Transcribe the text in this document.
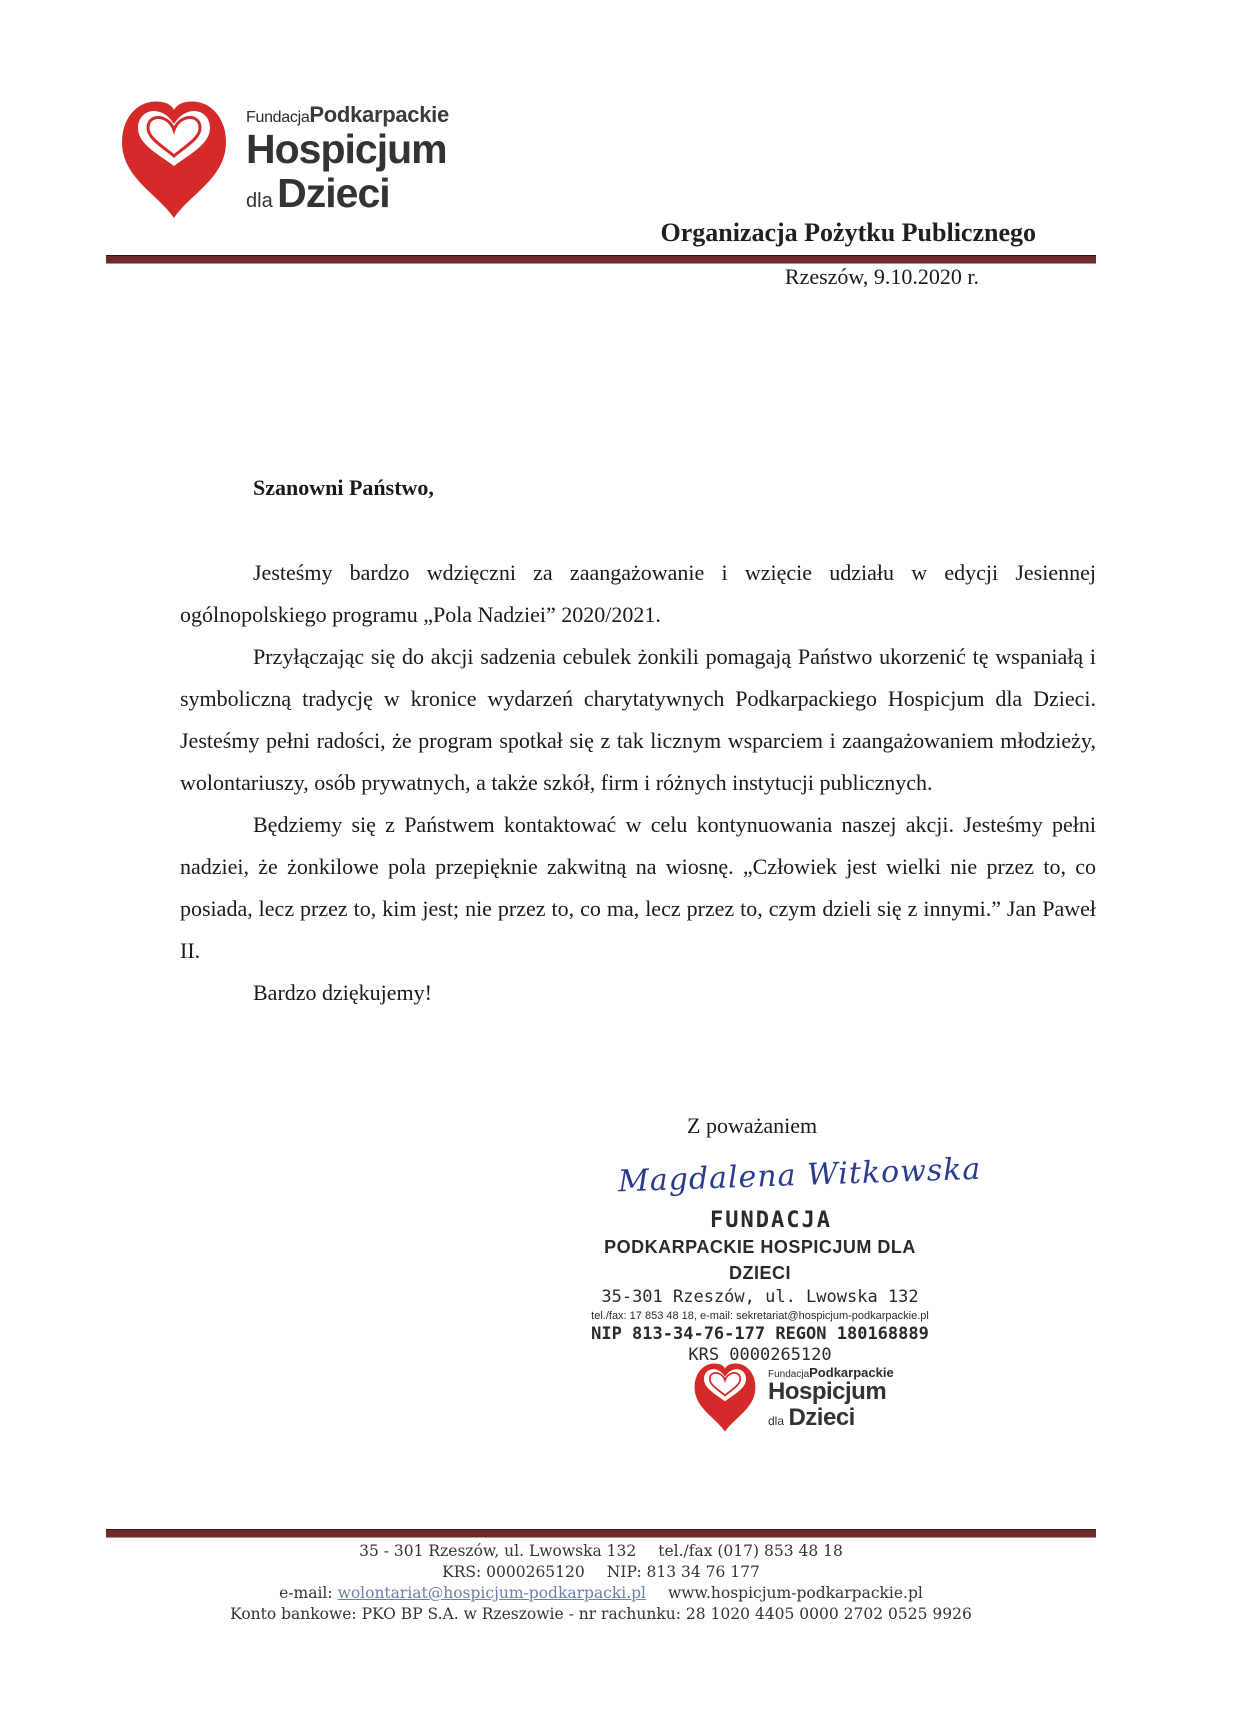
FundacjaPodkarpackie
Hospicjum
dla Dzieci
Organizacja Pożytku Publicznego
Rzeszów, 9.10.2020 r.
Szanowni Państwo,

Jesteśmy bardzo wdzięczni za zaangażowanie i wzięcie udziału w edycji Jesiennej ogólnopolskiego programu „Pola Nadziei” 2020/2021.

Przyłączając się do akcji sadzenia cebulek żonkili pomagają Państwo ukorzenić tę wspaniałą i symboliczną tradycję w kronice wydarzeń charytatywnych Podkarpackiego Hospicjum dla Dzieci. Jesteśmy pełni radości, że program spotkał się z tak licznym wsparciem i zaangażowaniem młodzieży, wolontariuszy, osób prywatnych, a także szkół, firm i różnych instytucji publicznych.

Będziemy się z Państwem kontaktować w celu kontynuowania naszej akcji. Jesteśmy pełni nadziei, że żonkilowe pola przepięknie zakwitną na wiosnę. „Człowiek jest wielki nie przez to, co posiada, lecz przez to, kim jest; nie przez to, co ma, lecz przez to, czym dzieli się z innymi.” Jan Paweł II.

Bardzo dziękujemy!

Z poważaniem
Magdalena Witkowska
FUNDACJA
PODKARPACKIE HOSPICJUM DLA DZIECI
35-301 Rzeszów, ul. Lwowska 132
tel./fax: 17 853 48 18, e-mail: sekretariat@hospicjum-podkarpackie.pl
NIP 813-34-76-177 REGON 180168889
KRS 0000265120
FundacjaPodkarpackie
Hospicjum
dla Dzieci
35 - 301 Rzeszów, ul. Lwowska 132 tel./fax (017) 853 48 18
KRS: 0000265120 NIP: 813 34 76 177
e-mail: wolontariat@hospicjum-podkarpacki.pl www.hospicjum-podkarpackie.pl
Konto bankowe: PKO BP S.A. w Rzeszowie - nr rachunku: 28 1020 4405 0000 2702 0525 9926
